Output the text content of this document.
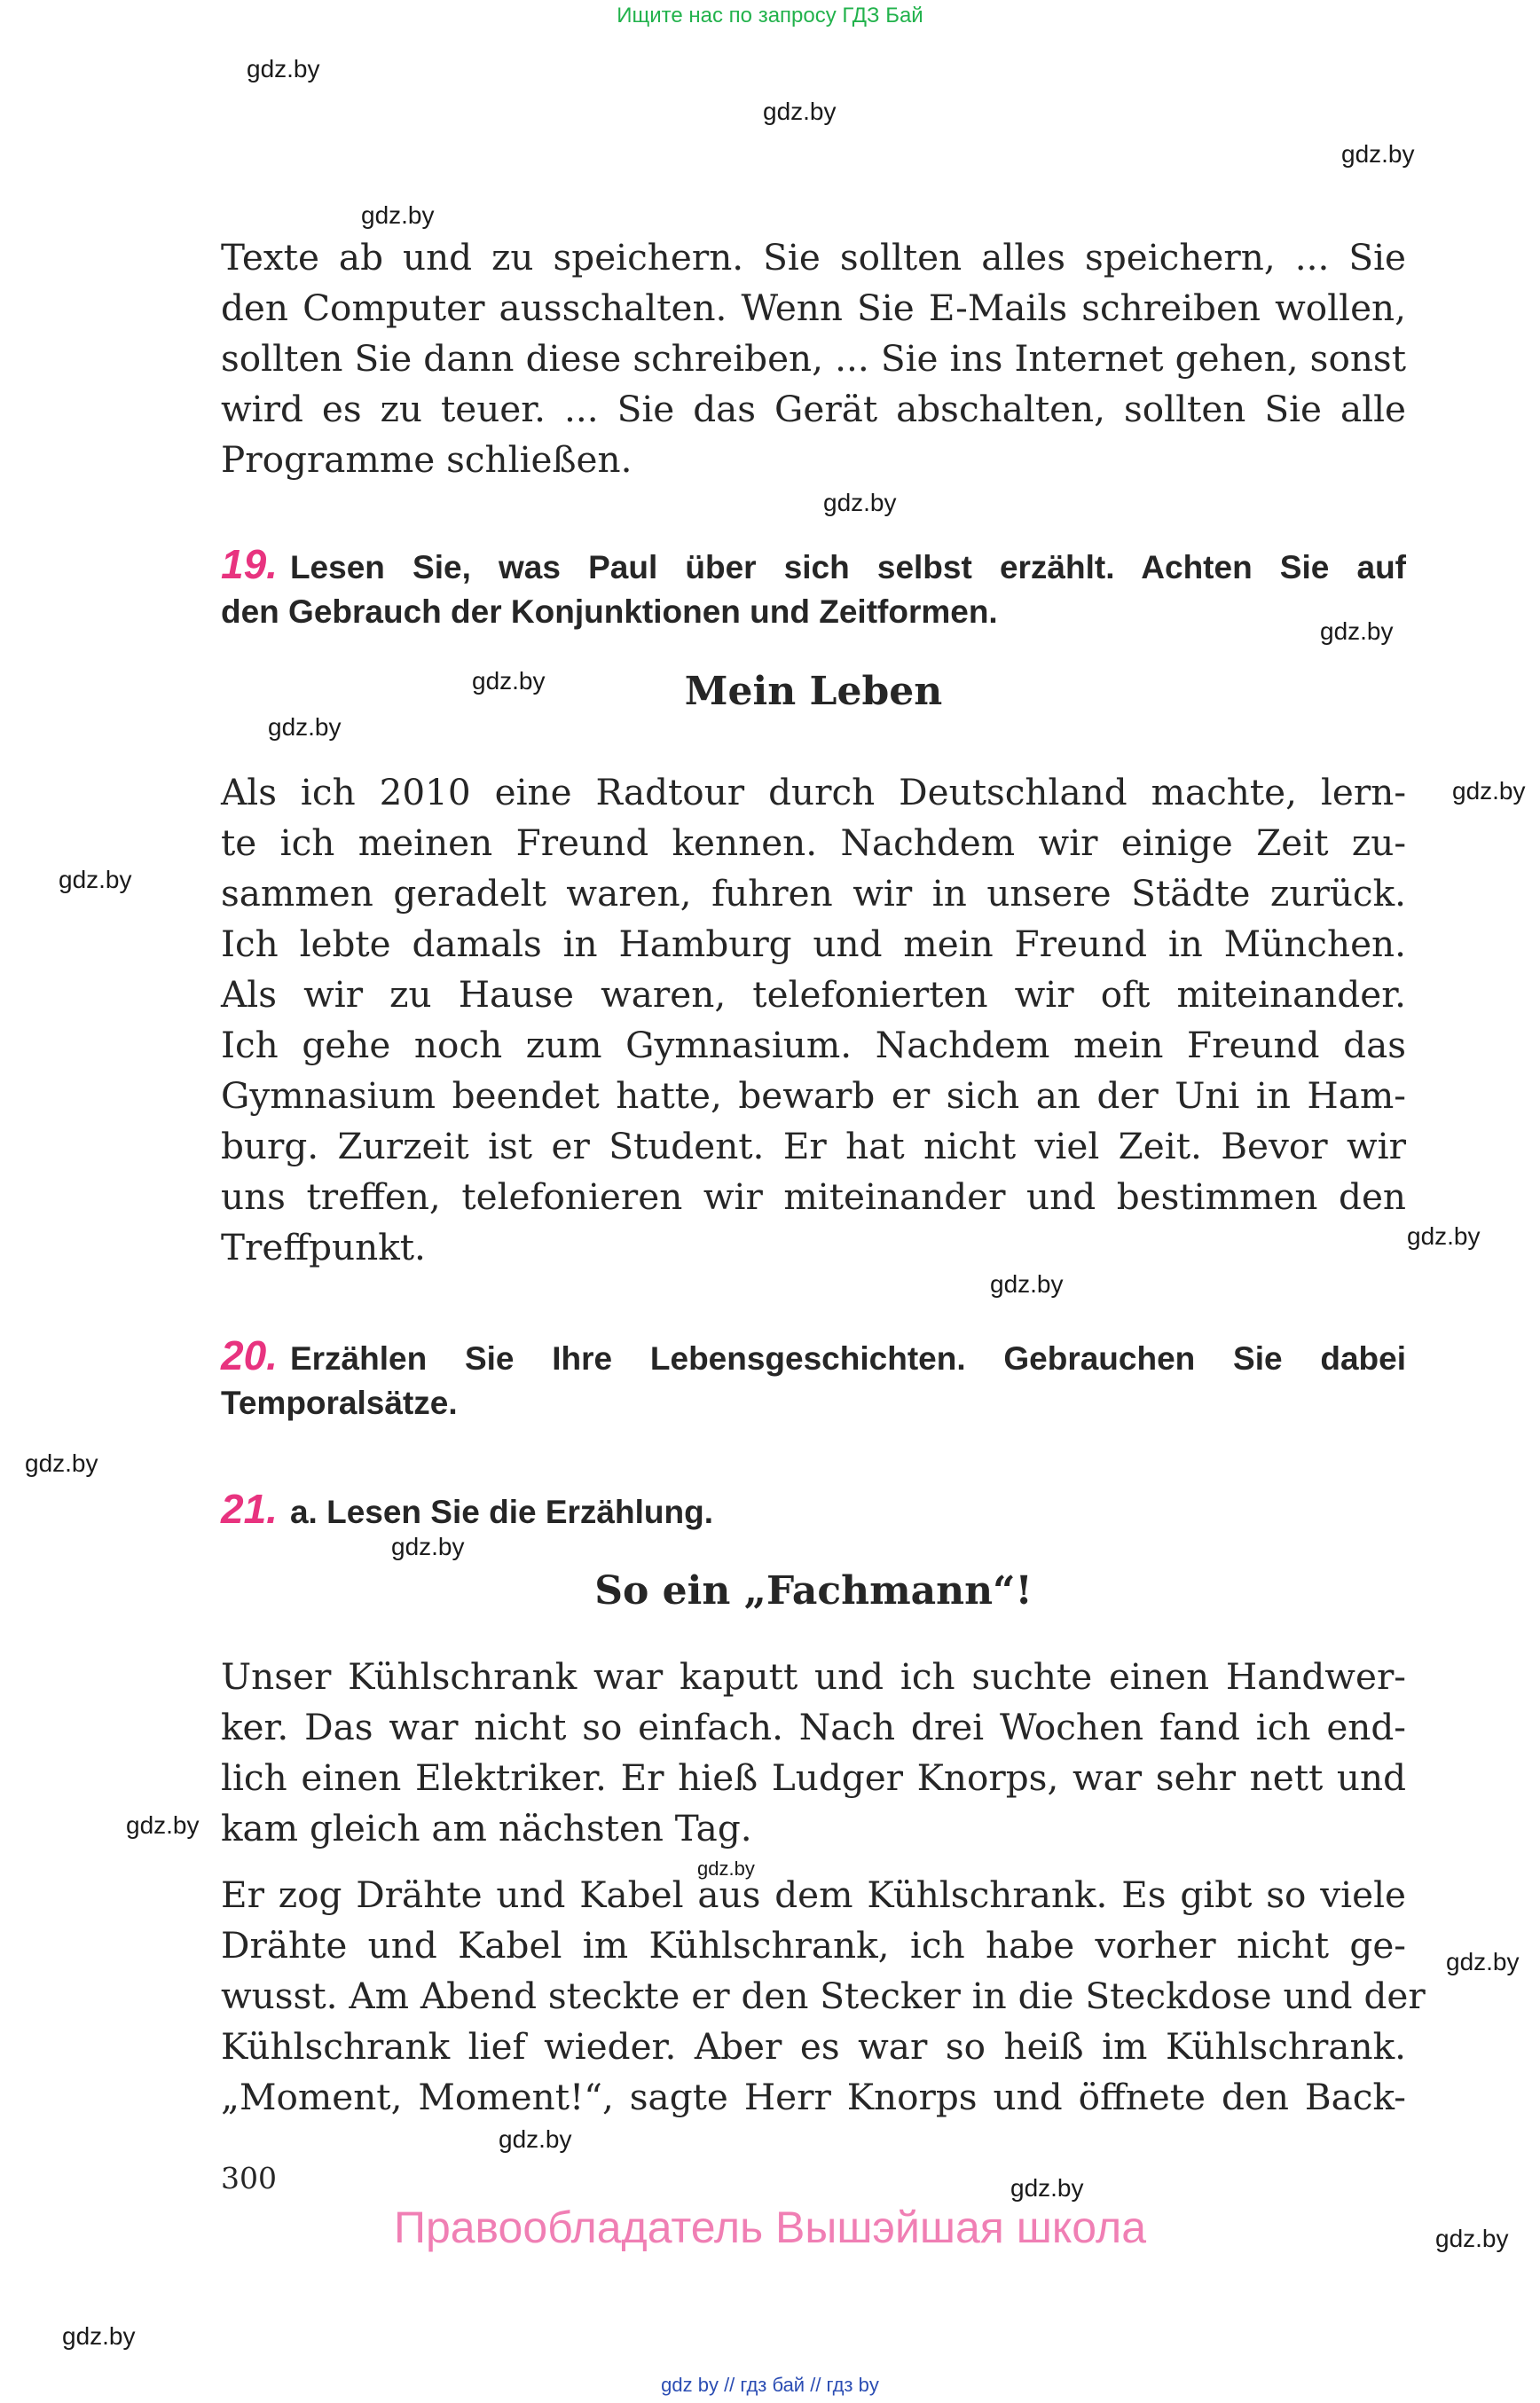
Ищите нас по запросу ГДЗ Бай
gdz.by
gdz.by
gdz.by
gdz.by
gdz.by
gdz.by
gdz.by
gdz.by
gdz.by
gdz.by
gdz.by
gdz.by
gdz.by
gdz.by
gdz.by
gdz.by
gdz.by
gdz.by
gdz.by
gdz.by
gdz.by
Texte ab und zu speichern. Sie sollten alles speichern, ... Sie
den Computer ausschalten. Wenn Sie E-Mails schreiben wollen,
sollten Sie dann diese schreiben, ... Sie ins Internet gehen, sonst
wird es zu teuer. ... Sie das Gerät abschalten, sollten Sie alle
Programme schließen.
19. Lesen Sie, was Paul über sich selbst erzählt. Achten Sie auf
den Gebrauch der Konjunktionen und Zeitformen.
Mein Leben
Als ich 2010 eine Radtour durch Deutschland machte, lern-
te ich meinen Freund kennen. Nachdem wir einige Zeit zu-
sammen geradelt waren, fuhren wir in unsere Städte zurück.
Ich lebte damals in Hamburg und mein Freund in München.
Als wir zu Hause waren, telefonierten wir oft miteinander.
Ich gehe noch zum Gymnasium. Nachdem mein Freund das
Gymnasium beendet hatte, bewarb er sich an der Uni in Ham-
burg. Zurzeit ist er Student. Er hat nicht viel Zeit. Bevor wir
uns treffen, telefonieren wir miteinander und bestimmen den
Treffpunkt.
20. Erzählen Sie Ihre Lebensgeschichten. Gebrauchen Sie dabei
Temporalsätze.
21. a. Lesen Sie die Erzählung.
So ein „Fachmann“!
Unser Kühlschrank war kaputt und ich suchte einen Handwer-
ker. Das war nicht so einfach. Nach drei Wochen fand ich end-
lich einen Elektriker. Er hieß Ludger Knorps, war sehr nett und
kam gleich am nächsten Tag.
Er zog Drähte und Kabel aus dem Kühlschrank. Es gibt so viele
Drähte und Kabel im Kühlschrank, ich habe vorher nicht ge-
wusst. Am Abend steckte er den Stecker in die Steckdose und der
Kühlschrank lief wieder. Aber es war so heiß im Kühlschrank.
„Moment, Moment!“, sagte Herr Knorps und öffnete den Back-
300
Правообладатель Вышэйшая школа
gdz by // гдз бай // гдз by
